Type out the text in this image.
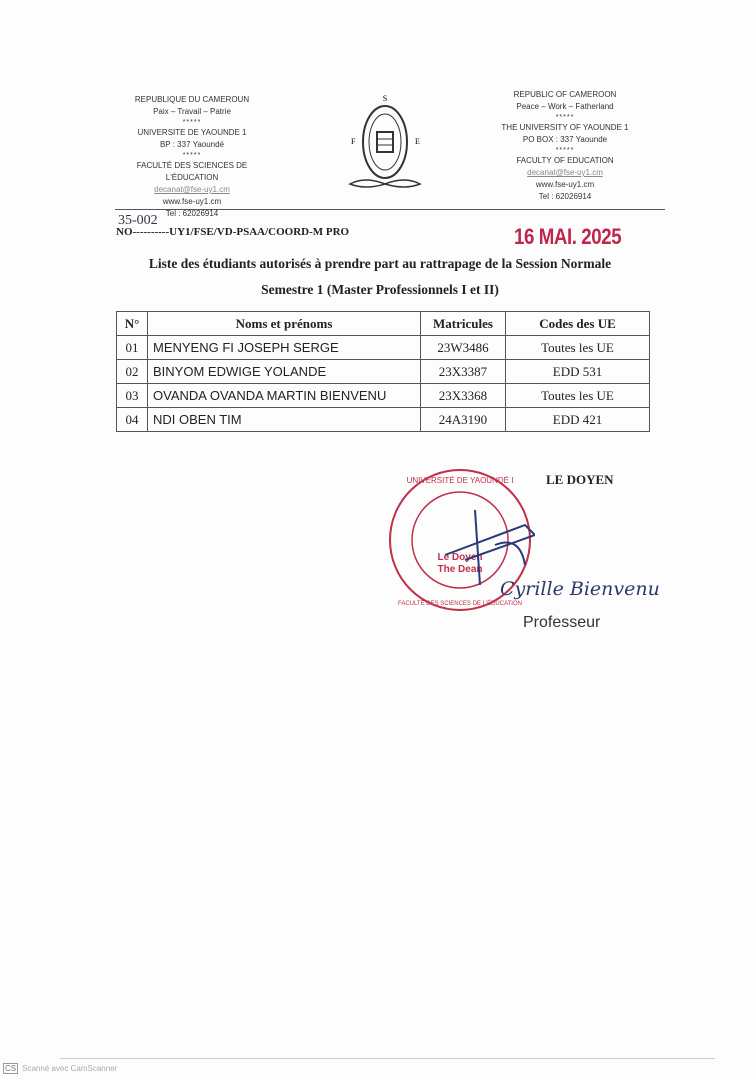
REPUBLIQUE DU CAMEROUN
Paix – Travail – Patrie
*****
UNIVERSITE DE YAOUNDE 1
BP : 337 Yaoundé
*****
FACULTÉ DES SCIENCES DE L'ÉDUCATION
decanat@fse-uy1.cm
www.fse-uy1.cm
Tel : 62026914
REPUBLIC OF CAMEROON
Peace – Work – Fatherland
*****
THE UNIVERSITY OF YAOUNDE 1
PO BOX : 337 Yaounde
*****
FACULTY OF EDUCATION
decanat@fse-uy1.cm
www.fse-uy1.cm
Tel : 62026914
S
F	E
35-002
NO----------UY1/FSE/VD-PSAA/COORD-M PRO	16 MAI. 2025
Liste des étudiants autorisés à prendre part au rattrapage de la Session Normale
Semestre 1 (Master Professionnels I et II)
N°	Noms et prénoms	Matricules	Codes des UE
01	MENYENG FI JOSEPH SERGE	23W3486	Toutes les UE
02	BINYOM EDWIGE YOLANDE	23X3387	EDD 531
03	OVANDA OVANDA MARTIN BIENVENU	23X3368	Toutes les UE
04	NDI OBEN TIM	24A3190	EDD 421
Le Doyen
The Dean
UNIVERSITÉ DE YAOUNDÉ I
FACULTÉ DES SCIENCES DE L'ÉDUCATION
LE DOYEN
Cyrille Bienvenu
Professeur
CS Scanné avec CamScanner
